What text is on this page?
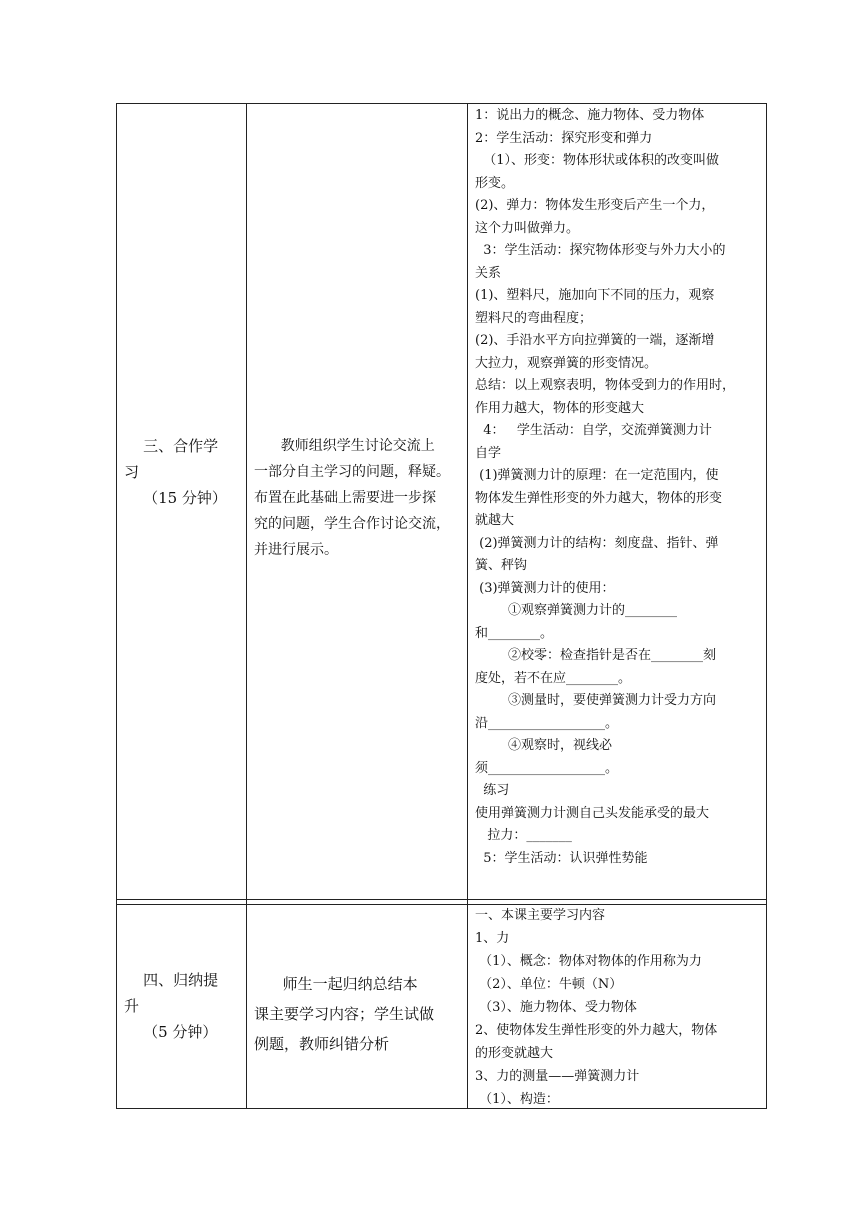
三、合作学
习
（15 分钟）
教师组织学生讨论交流上
一部分自主学习的问题，释疑。
布置在此基础上需要进一步探
究的问题，学生合作讨论交流，
并进行展示。
1：说出力的概念、施力物体、受力物体
2：学生活动：探究形变和弹力
（1）、形变：物体形状或体积的改变叫做
形变。
(2)、弹力：物体发生形变后产生一个力，
这个力叫做弹力。
3：学生活动：探究物体形变与外力大小的
关系
(1)、塑料尺，施加向下不同的压力，观察
塑料尺的弯曲程度；
(2)、手沿水平方向拉弹簧的一端，逐渐增
大拉力，观察弹簧的形变情况。
总结：以上观察表明，物体受到力的作用时，
作用力越大，物体的形变越大
4：   学生活动：自学，交流弹簧测力计
自学
(1)弹簧测力计的原理：在一定范围内，使
物体发生弹性形变的外力越大，物体的形变
就越大
(2)弹簧测力计的结构：刻度盘、指针、弹
簧、秤钩
(3)弹簧测力计的使用：
①观察弹簧测力计的________
和________。
②校零：检查指针是否在________刻
度处，若不在应________。
③测量时，要使弹簧测力计受力方向
沿__________________。
④观察时，视线必
须__________________。
练习
使用弹簧测力计测自己头发能承受的最大
拉力：_______
5：学生活动：认识弹性势能
四、归纳提
升
（5 分钟）
师生一起归纳总结本
课主要学习内容；学生试做
例题，教师纠错分析
一、本课主要学习内容
1、力
（1）、概念：物体对物体的作用称为力
（2）、单位：牛顿（N）
（3）、施力物体、受力物体
2、使物体发生弹性形变的外力越大，物体
的形变就越大
3、力的测量——弹簧测力计
（1）、构造：
